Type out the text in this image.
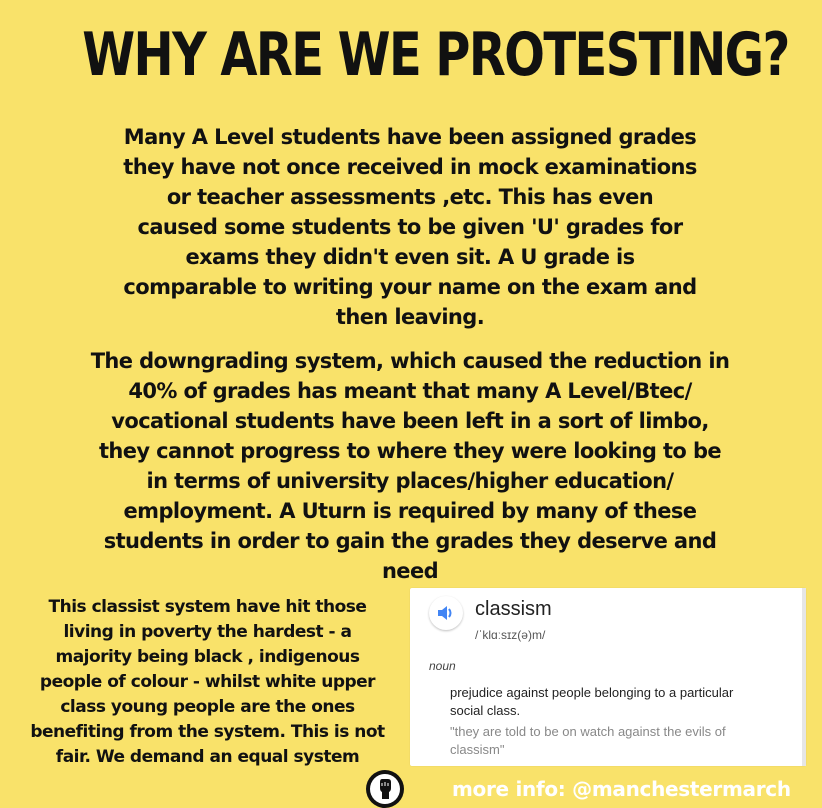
WHY ARE WE PROTESTING?
Many A Level students have been assigned grades
they have not once received in mock examinations
or teacher assessments ,etc. This has even
caused some students to be given 'U' grades for
exams they didn't even sit. A U grade is
comparable to writing your name on the exam and
then leaving.
The downgrading system, which caused the reduction in
40% of grades has meant that many A Level/Btec/
vocational students have been left in a sort of limbo,
they cannot progress to where they were looking to be
in terms of university places/higher education/
employment. A Uturn is required by many of these
students in order to gain the grades they deserve and
need
This classist system have hit those
living in poverty the hardest - a
majority being black , indigenous
people of colour - whilst white upper
class young people are the ones
benefiting from the system. This is not
fair. We demand an equal system
classism
/ˈklɑːsɪz(ə)m/
noun
prejudice against people belonging to a particular social class.
"they are told to be on watch against the evils of classism"
more info: @manchestermarch
